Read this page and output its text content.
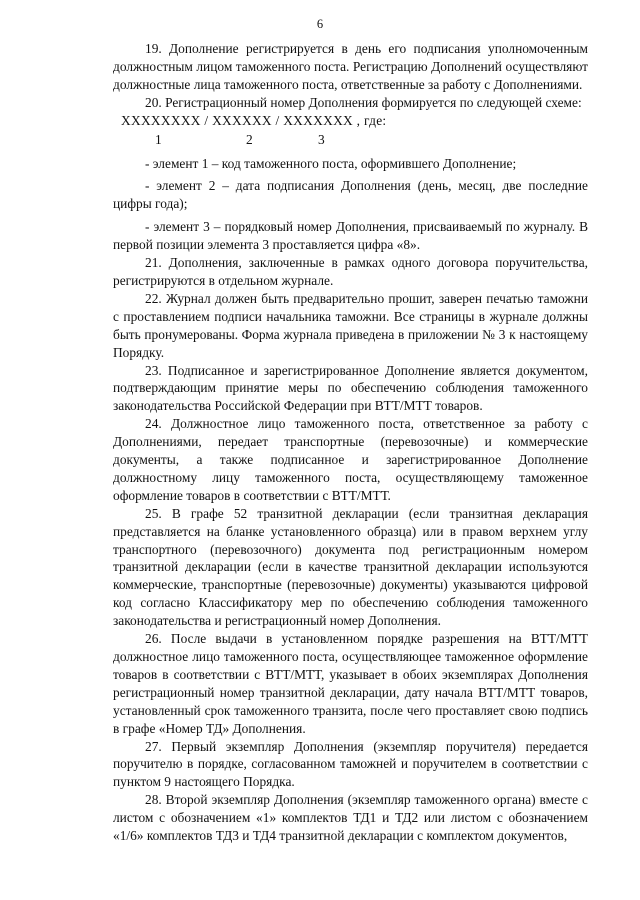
6

19. Дополнение регистрируется в день его подписания уполномоченным должностным лицом таможенного поста. Регистрацию Дополнений осуществляют должностные лица таможенного поста, ответственные за работу с Дополнениями.

20. Регистрационный номер Дополнения формируется по следующей схеме:

XXXXXXXX / XXXXXX / XXXXXXX , где:
1	2	3

- элемент 1 – код таможенного поста, оформившего Дополнение;

- элемент 2 – дата подписания Дополнения (день, месяц, две последние цифры года);

- элемент 3 – порядковый номер Дополнения, присваиваемый по журналу. В первой позиции элемента 3 проставляется цифра «8».

21. Дополнения, заключенные в рамках одного договора поручительства, регистрируются в отдельном журнале.

22. Журнал должен быть предварительно прошит, заверен печатью таможни с проставлением подписи начальника таможни. Все страницы в журнале должны быть пронумерованы. Форма журнала приведена в приложении № 3 к настоящему Порядку.

23. Подписанное и зарегистрированное Дополнение является документом, подтверждающим принятие меры по обеспечению соблюдения таможенного законодательства Российской Федерации при ВТТ/МТТ товаров.

24. Должностное лицо таможенного поста, ответственное за работу с Дополнениями, передает транспортные (перевозочные) и коммерческие документы, а также подписанное и зарегистрированное Дополнение должностному лицу таможенного поста, осуществляющему таможенное оформление товаров в соответствии с ВТТ/МТТ.

25. В графе 52 транзитной декларации (если транзитная декларация представляется на бланке установленного образца) или в правом верхнем углу транспортного (перевозочного) документа под регистрационным номером транзитной декларации (если в качестве транзитной декларации используются коммерческие, транспортные (перевозочные) документы) указываются цифровой код согласно Классификатору мер по обеспечению соблюдения таможенного законодательства и регистрационный номер Дополнения.

26. После выдачи в установленном порядке разрешения на ВТТ/МТТ должностное лицо таможенного поста, осуществляющее таможенное оформление товаров в соответствии с ВТТ/МТТ, указывает в обоих экземплярах Дополнения регистрационный номер транзитной декларации, дату начала ВТТ/МТТ товаров, установленный срок таможенного транзита, после чего проставляет свою подпись в графе «Номер ТД» Дополнения.

27. Первый экземпляр Дополнения (экземпляр поручителя) передается поручителю в порядке, согласованном таможней и поручителем в соответствии с пунктом 9 настоящего Порядка.

28. Второй экземпляр Дополнения (экземпляр таможенного органа) вместе с листом с обозначением «1» комплектов ТД1 и ТД2 или листом с обозначением «1/6» комплектов ТД3 и ТД4 транзитной декларации с комплектом документов,
